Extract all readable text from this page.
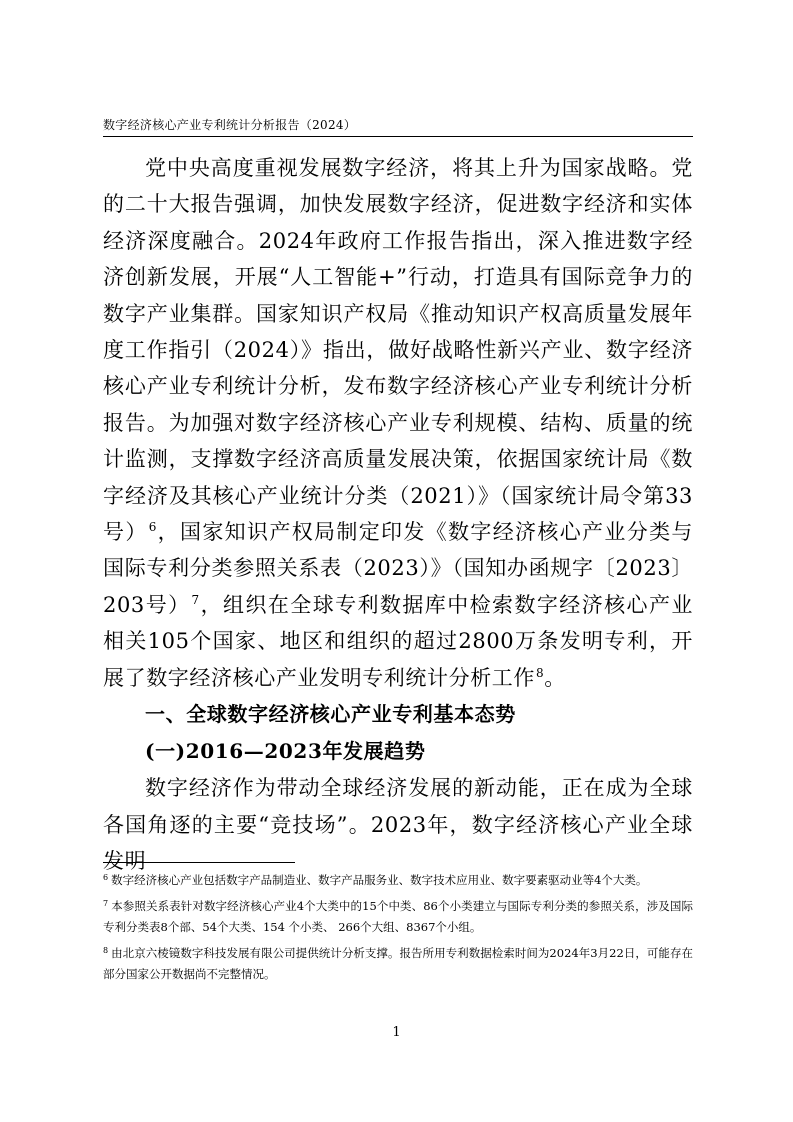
数字经济核心产业专利统计分析报告（2024）

党中央高度重视发展数字经济，将其上升为国家战略。党的二十大报告强调，加快发展数字经济，促进数字经济和实体经济深度融合。2024年政府工作报告指出，深入推进数字经济创新发展，开展“人工智能+”行动，打造具有国际竞争力的数字产业集群。国家知识产权局《推动知识产权高质量发展年度工作指引（2024）》指出，做好战略性新兴产业、数字经济核心产业专利统计分析，发布数字经济核心产业专利统计分析报告。为加强对数字经济核心产业专利规模、结构、质量的统计监测，支撑数字经济高质量发展决策，依据国家统计局《数字经济及其核心产业统计分类（2021）》（国家统计局令第33号）$^6$，国家知识产权局制定印发《数字经济核心产业分类与国际专利分类参照关系表（2023）》（国知办函规字〔2023〕203号）$^7$，组织在全球专利数据库中检索数字经济核心产业相关105个国家、地区和组织的超过2800万条发明专利，开展了数字经济核心产业发明专利统计分析工作$^8$。

一、全球数字经济核心产业专利基本态势

(一)2016—2023年发展趋势

数字经济作为带动全球经济发展的新动能，正在成为全球各国角逐的主要“竞技场”。2023年，数字经济核心产业全球发明

$^6$ 数字经济核心产业包括数字产品制造业、数字产品服务业、数字技术应用业、数字要素驱动业等4个大类。

$^7$ 本参照关系表针对数字经济核心产业4个大类中的15个中类、86个小类建立与国际专利分类的参照关系，涉及国际专利分类表8个部、54个大类、154 个小类、 266个大组、8367个小组。

$^8$ 由北京六棱镜数字科技发展有限公司提供统计分析支撑。报告所用专利数据检索时间为2024年3月22日，可能存在部分国家公开数据尚不完整情况。

1
